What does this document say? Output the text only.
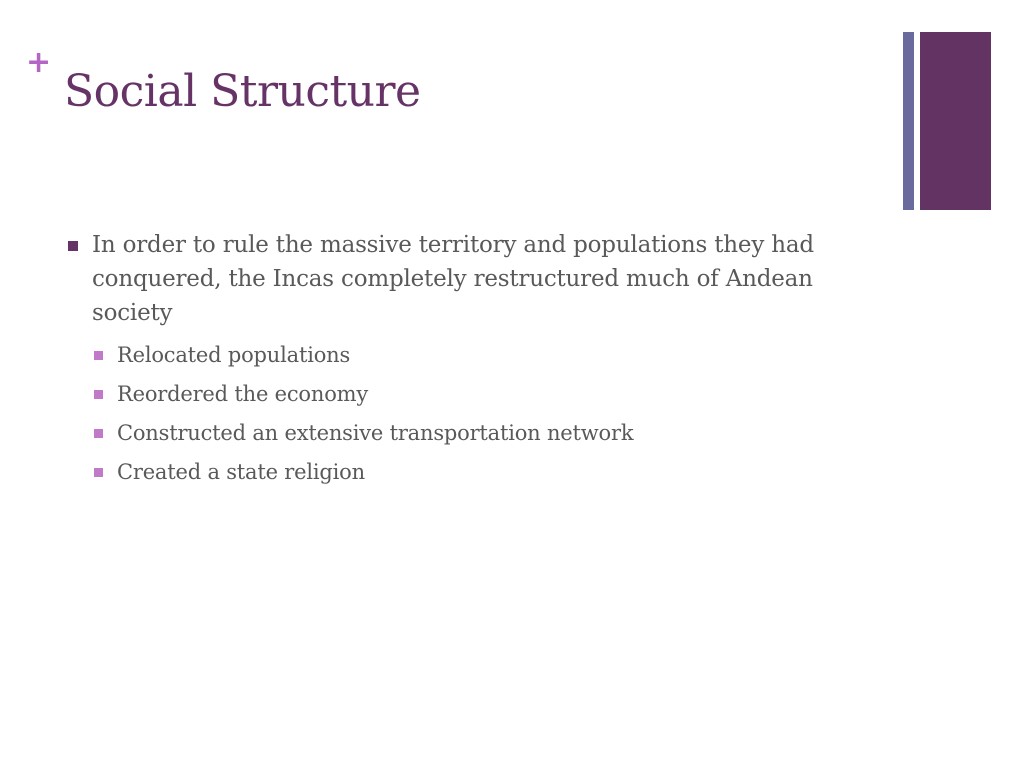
+
Social Structure
In order to rule the massive territory and populations they had conquered, the Incas completely restructured much of Andean society
Relocated populations
Reordered the economy
Constructed an extensive transportation network
Created a state religion
